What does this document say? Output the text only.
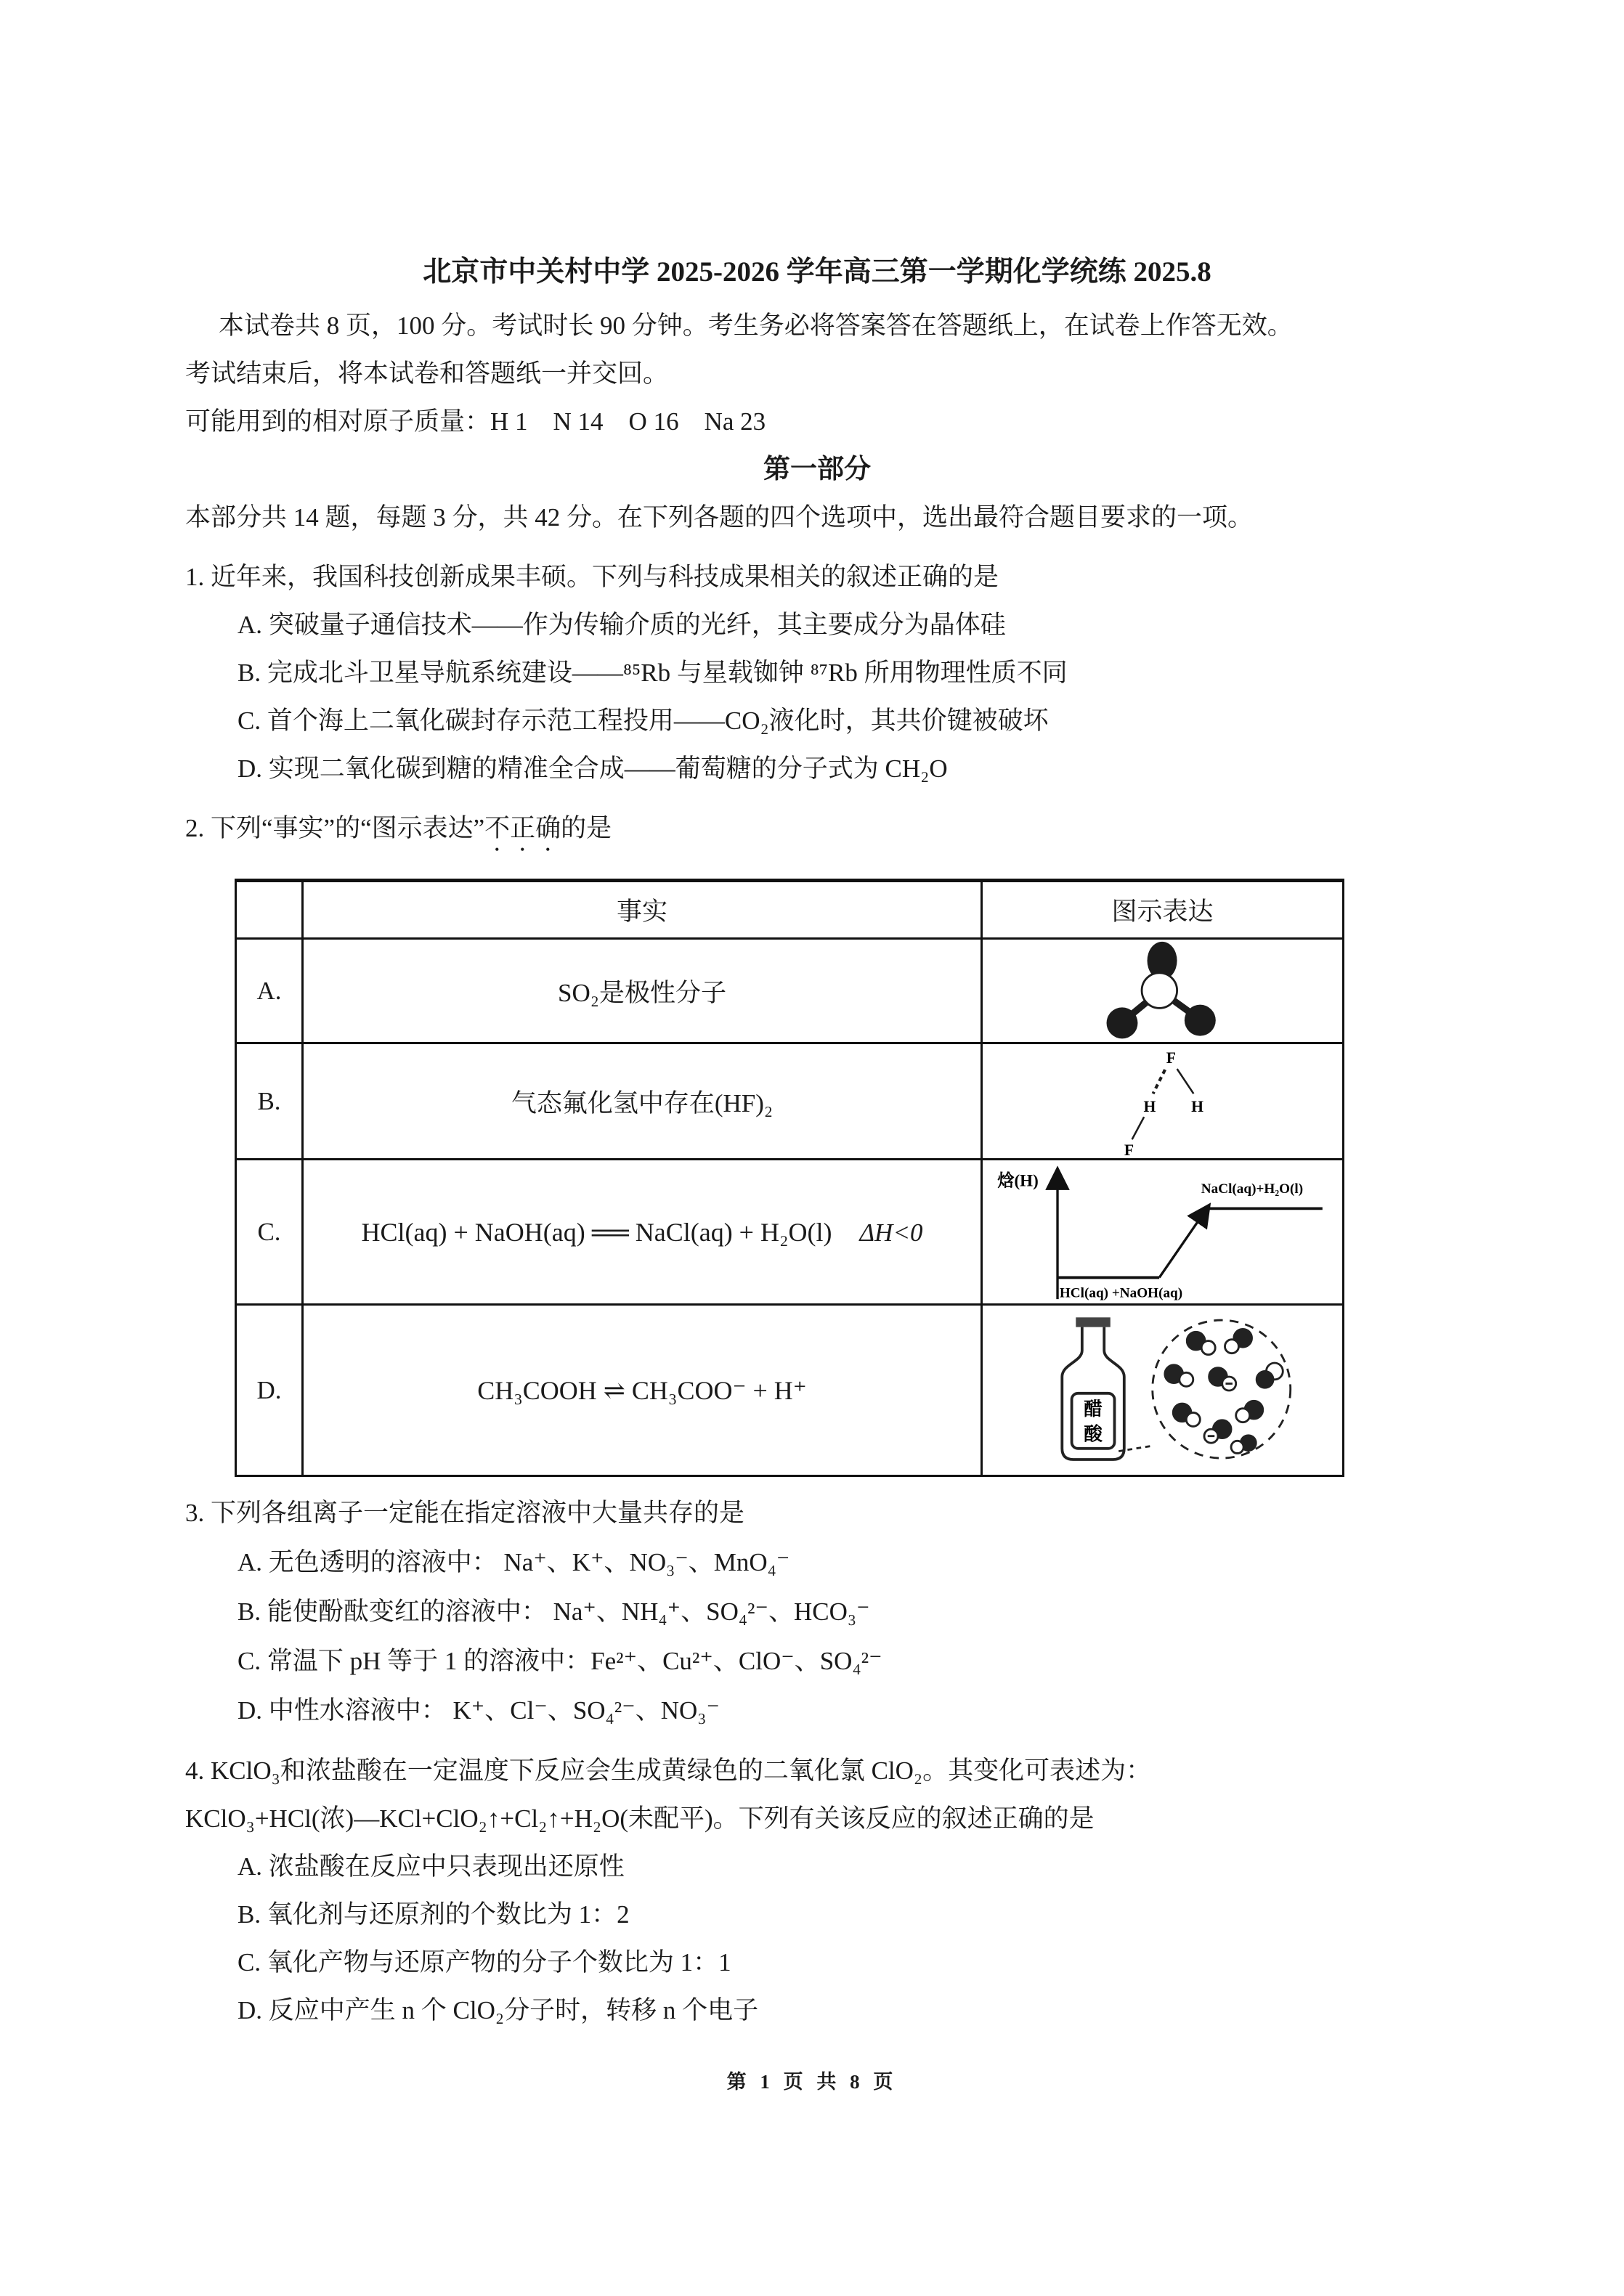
北京市中关村中学 2025-2026 学年高三第一学期化学统练 2025.8
本试卷共 8 页，100 分。考试时长 90 分钟。考生务必将答案答在答题纸上，在试卷上作答无效。
考试结束后，将本试卷和答题纸一并交回。
可能用到的相对原子质量：H 1　N 14　O 16　Na 23
第一部分
本部分共 14 题，每题 3 分，共 42 分。在下列各题的四个选项中，选出最符合题目要求的一项。
1. 近年来，我国科技创新成果丰硕。下列与科技成果相关的叙述正确的是
A. 突破量子通信技术——作为传输介质的光纤，其主要成分为晶体硅
B. 完成北斗卫星导航系统建设——⁸⁵Rb 与星载铷钟 ⁸⁷Rb 所用物理性质不同
C. 首个海上二氧化碳封存示范工程投用——CO₂液化时，其共价键被破坏
D. 实现二氧化碳到糖的精准全合成——葡萄糖的分子式为 CH₂O
2. 下列“事实”的“图示表达”不正确的是
	事实	图示表达
A.	SO₂是极性分子	
B.	气态氟化氢中存在(HF)₂	F
H H
F

C.	HCl(aq) + NaOH(aq) ══ NaCl(aq) + H₂O(l) ΔH<0	焓(H)
HCl(aq) +NaOH(aq)
NaCl(aq)+H₂O(l)

D.	CH₃COOH ⇌ CH₃COO⁻ + H⁺	醋
酸
3. 下列各组离子一定能在指定溶液中大量共存的是
A. 无色透明的溶液中： Na⁺、K⁺、NO₃⁻、MnO₄⁻
B. 能使酚酞变红的溶液中： Na⁺、NH₄⁺、SO₄²⁻、HCO₃⁻
C. 常温下 pH 等于 1 的溶液中：Fe²⁺、Cu²⁺、ClO⁻、SO₄²⁻
D. 中性水溶液中： K⁺、Cl⁻、SO₄²⁻、NO₃⁻
4. KClO₃和浓盐酸在一定温度下反应会生成黄绿色的二氧化氯 ClO₂。其变化可表述为：
KClO₃+HCl(浓)—KCl+ClO₂↑+Cl₂↑+H₂O(未配平)。下列有关该反应的叙述正确的是
A. 浓盐酸在反应中只表现出还原性
B. 氧化剂与还原剂的个数比为 1：2
C. 氧化产物与还原产物的分子个数比为 1：1
D. 反应中产生 n 个 ClO₂分子时，转移 n 个电子
第 1 页 共 8 页
